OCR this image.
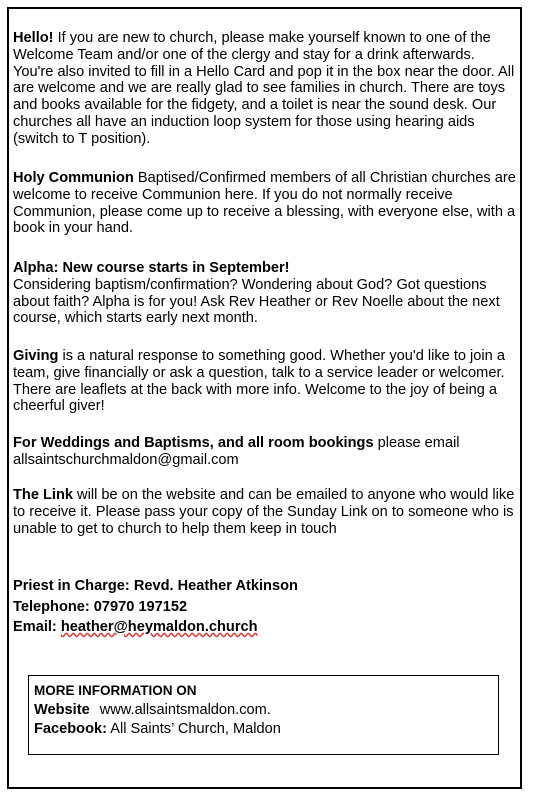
Hello! If you are new to church, please make yourself known to one of the Welcome Team and/or one of the clergy and stay for a drink afterwards. You're also invited to fill in a Hello Card and pop it in the box near the door. All are welcome and we are really glad to see families in church. There are toys and books available for the fidgety, and a toilet is near the sound desk. Our churches all have an induction loop system for those using hearing aids (switch to T position).

Holy Communion Baptised/Confirmed members of all Christian churches are welcome to receive Communion here. If you do not normally receive Communion, please come up to receive a blessing, with everyone else, with a book in your hand.

Alpha: New course starts in September!
Considering baptism/confirmation? Wondering about God? Got questions about faith? Alpha is for you! Ask Rev Heather or Rev Noelle about the next course, which starts early next month.

Giving is a natural response to something good. Whether you'd like to join a team, give financially or ask a question, talk to a service leader or welcomer. There are leaflets at the back with more info. Welcome to the joy of being a cheerful giver!

For Weddings and Baptisms, and all room bookings please email allsaintschurchmaldon@gmail.com

The Link will be on the website and can be emailed to anyone who would like to receive it. Please pass your copy of the Sunday Link on to someone who is unable to get to church to help them keep in touch

Priest in Charge: Revd. Heather Atkinson
Telephone: 07970 197152
Email: heather@heymaldon.church

MORE INFORMATION ON
Website www.allsaintsmaldon.com.
Facebook: All Saints’ Church, Maldon
